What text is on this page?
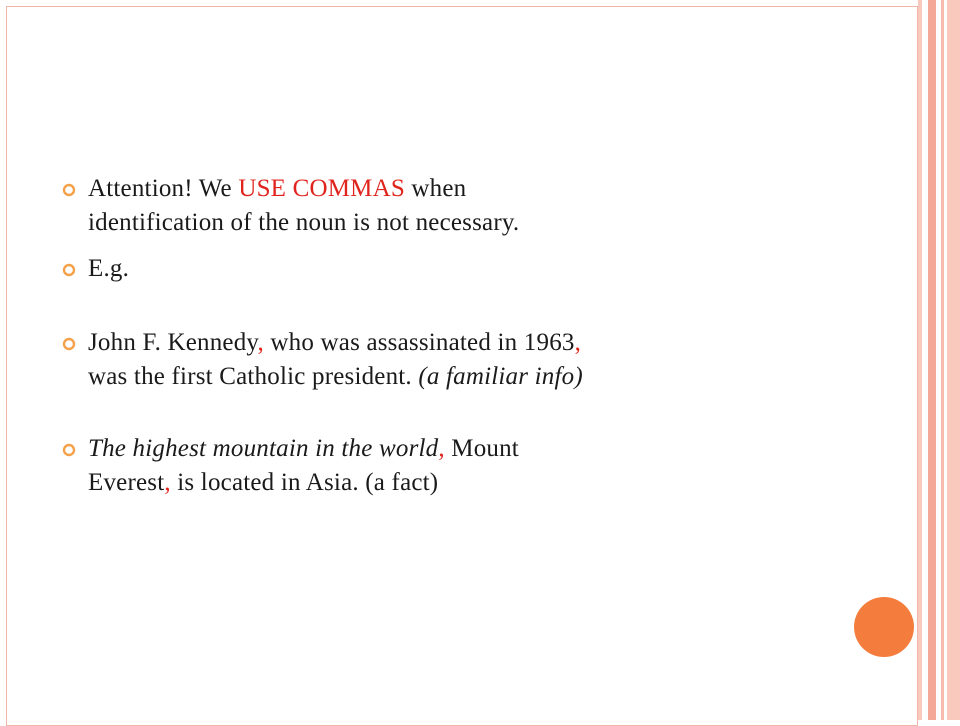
Attention! We USE COMMAS when
identification of the noun is not necessary.
E.g.
John F. Kennedy, who was assassinated in 1963,
was the first Catholic president. (a familiar info)
The highest mountain in the world, Mount
Everest, is located in Asia. (a fact)
